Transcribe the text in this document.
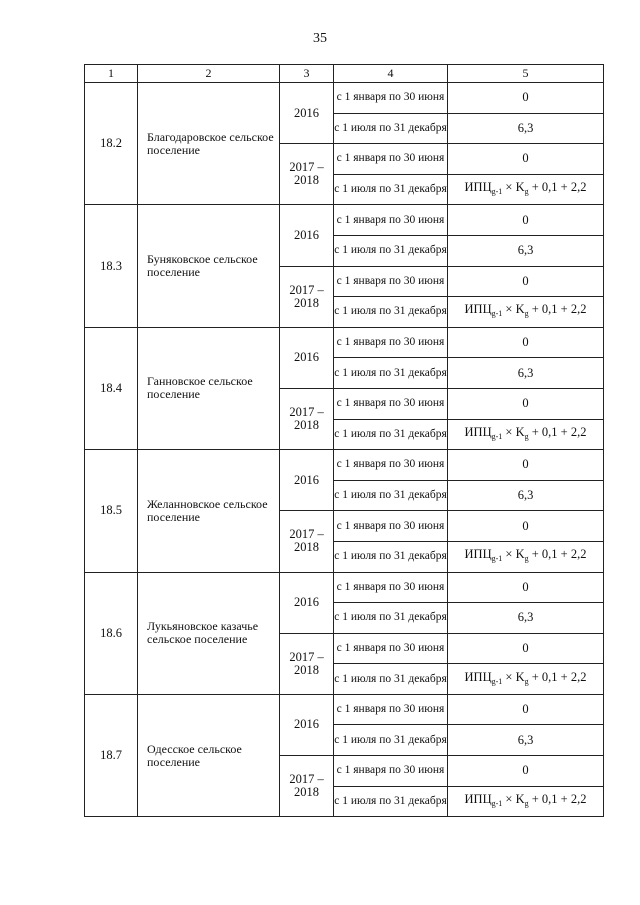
35
1	2	3	4	5
18.2	Благодаровское сельское поселение	2016	с 1 января по 30 июня	0
			с 1 июля по 31 декабря	6,3
		2017 – 2018	с 1 января по 30 июня	0
			с 1 июля по 31 декабря	$ИПЦ_{g-1} \times K_g + 0,1 + 2,2$
18.3	Буняковское сельское поселение	2016	с 1 января по 30 июня	0
			с 1 июля по 31 декабря	6,3
		2017 – 2018	с 1 января по 30 июня	0
			с 1 июля по 31 декабря	$ИПЦ_{g-1} \times K_g + 0,1 + 2,2$
18.4	Ганновское сельское поселение	2016	с 1 января по 30 июня	0
			с 1 июля по 31 декабря	6,3
		2017 – 2018	с 1 января по 30 июня	0
			с 1 июля по 31 декабря	$ИПЦ_{g-1} \times K_g + 0,1 + 2,2$
18.5	Желанновское сельское поселение	2016	с 1 января по 30 июня	0
			с 1 июля по 31 декабря	6,3
		2017 – 2018	с 1 января по 30 июня	0
			с 1 июля по 31 декабря	$ИПЦ_{g-1} \times K_g + 0,1 + 2,2$
18.6	Лукьяновское казачье сельское поселение	2016	с 1 января по 30 июня	0
			с 1 июля по 31 декабря	6,3
		2017 – 2018	с 1 января по 30 июня	0
			с 1 июля по 31 декабря	$ИПЦ_{g-1} \times K_g + 0,1 + 2,2$
18.7	Одесское сельское поселение	2016	с 1 января по 30 июня	0
			с 1 июля по 31 декабря	6,3
		2017 – 2018	с 1 января по 30 июня	0
			с 1 июля по 31 декабря	$ИПЦ_{g-1} \times K_g + 0,1 + 2,2$
